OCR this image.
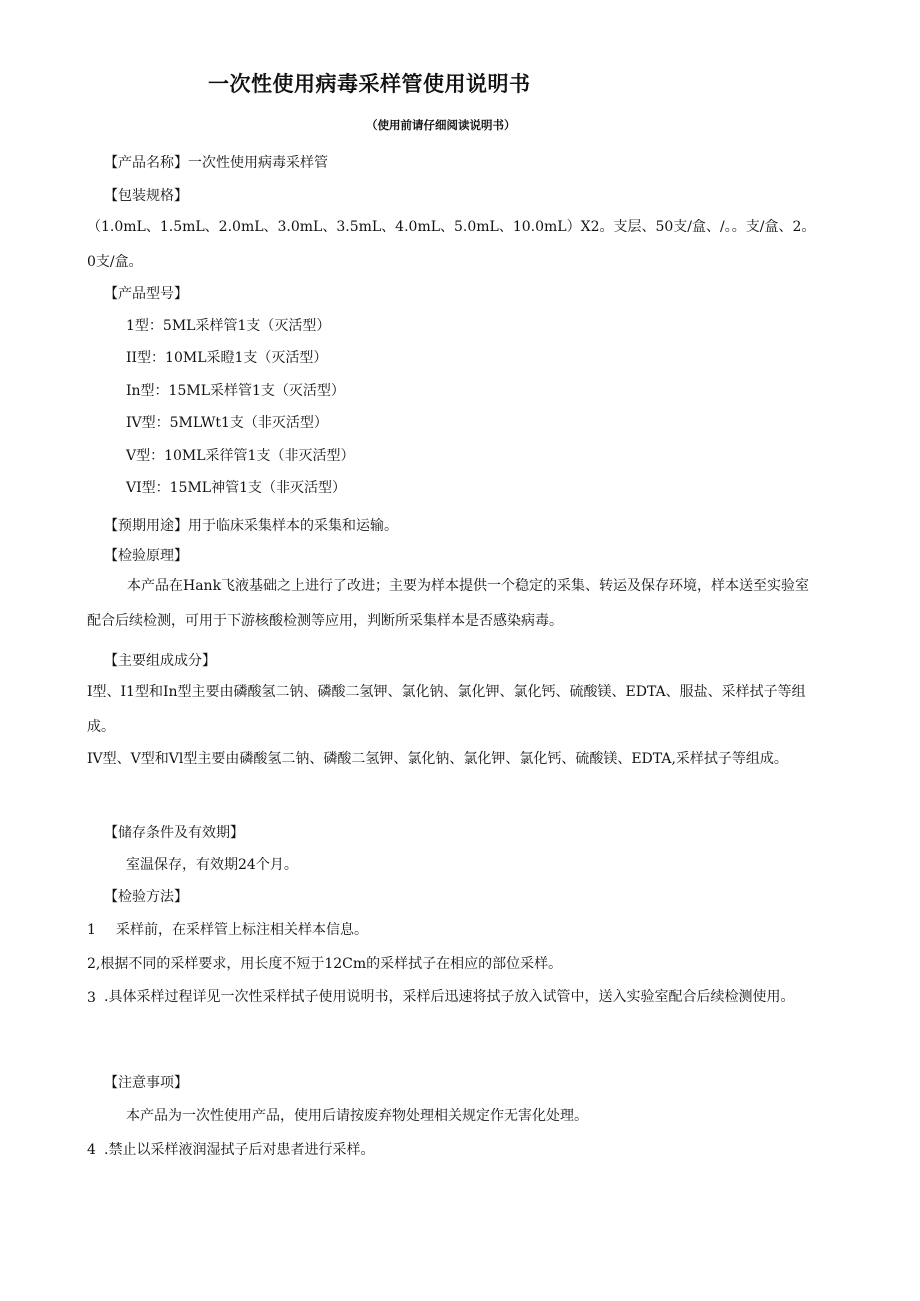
一次性使用病毒采样管使用说明书
（使用前请仔细阅读说明书）
【产品名称】一次性使用病毒采样管
【包装规格】
（1.0mL、1.5mL、2.0mL、3.0mL、3.5mL、4.0mL、5.0mL、10.0mL）X2。支层、50支/盒、/。。支/盒、2。0支/盒。
【产品型号】
1型：5ML采样管1支（灭活型）
II型：10ML采瞪1支（灭活型）
In型：15ML采样管1支（灭活型）
IV型：5MLWt1支（非灭活型）
V型：10ML采徉管1支（非灭活型）
VI型：15ML神管1支（非灭活型）
【预期用途】用于临床采集样本的采集和运输。
【检验原理】
本产品在Hank飞液基础之上进行了改进；主要为样本提供一个稳定的采集、转运及保存环境，样本送至实验室配合后续检测，可用于下游核酸检测等应用，判断所采集样本是否感染病毒。
【主要组成成分】
I型、I1型和In型主要由磷酸氢二钠、磷酸二氢钾、氯化钠、氯化钾、氯化钙、硫酸镁、EDTA、服盐、采样拭子等组成。
IV型、V型和Vl型主要由磷酸氢二钠、磷酸二氢钾、氯化钠、氯化钾、氯化钙、硫酸镁、EDTA,采样拭子等组成。
【储存条件及有效期】
室温保存，有效期24个月。
【检验方法】
1 采样前，在采样管上标注相关样本信息。
2,根据不同的采样要求，用长度不短于12Cm的采样拭子在相应的部位采样。
3 .具体采样过程详见一次性采样拭子使用说明书，采样后迅速将拭子放入试管中，送入实验室配合后续检测使用。
【注意事项】
本产品为一次性使用产品，使用后请按废弃物处理相关规定作无害化处理。
4 .禁止以采样液润湿拭子后对患者进行采样。
